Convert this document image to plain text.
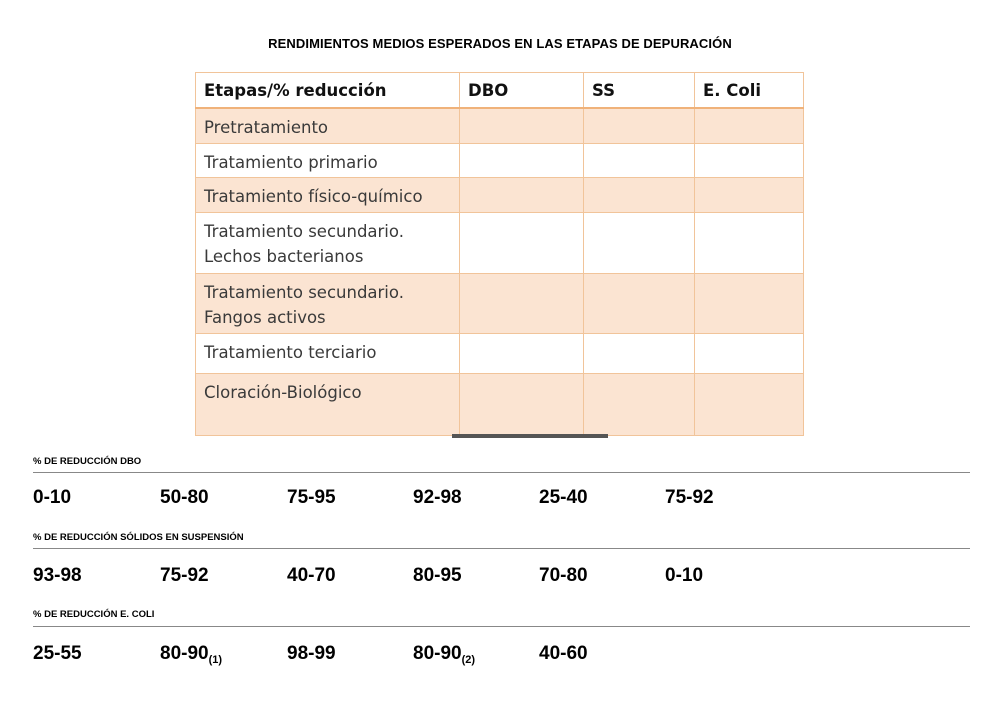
RENDIMIENTOS MEDIOS ESPERADOS EN LAS ETAPAS DE DEPURACIÓN
Etapas/% reducción	DBO	SS	E. Coli

Pretratamiento			

Tratamiento primario			

Tratamiento físico-químico			

Tratamiento secundario.
Lechos bacterianos			

Tratamiento secundario.
Fangos activos			

Tratamiento terciario			

Cloración-Biológico			

% DE REDUCCIÓN DBO
0-10	50-80	75-95	92-98	25-40	75-92
% DE REDUCCIÓN SÓLIDOS EN SUSPENSIÓN
93-98	75-92	40-70	80-95	70-80	0-10
% DE REDUCCIÓN E. COLI
25-55	$80-90_{(1)}$	98-99	$80-90_{(2)}$	40-60
